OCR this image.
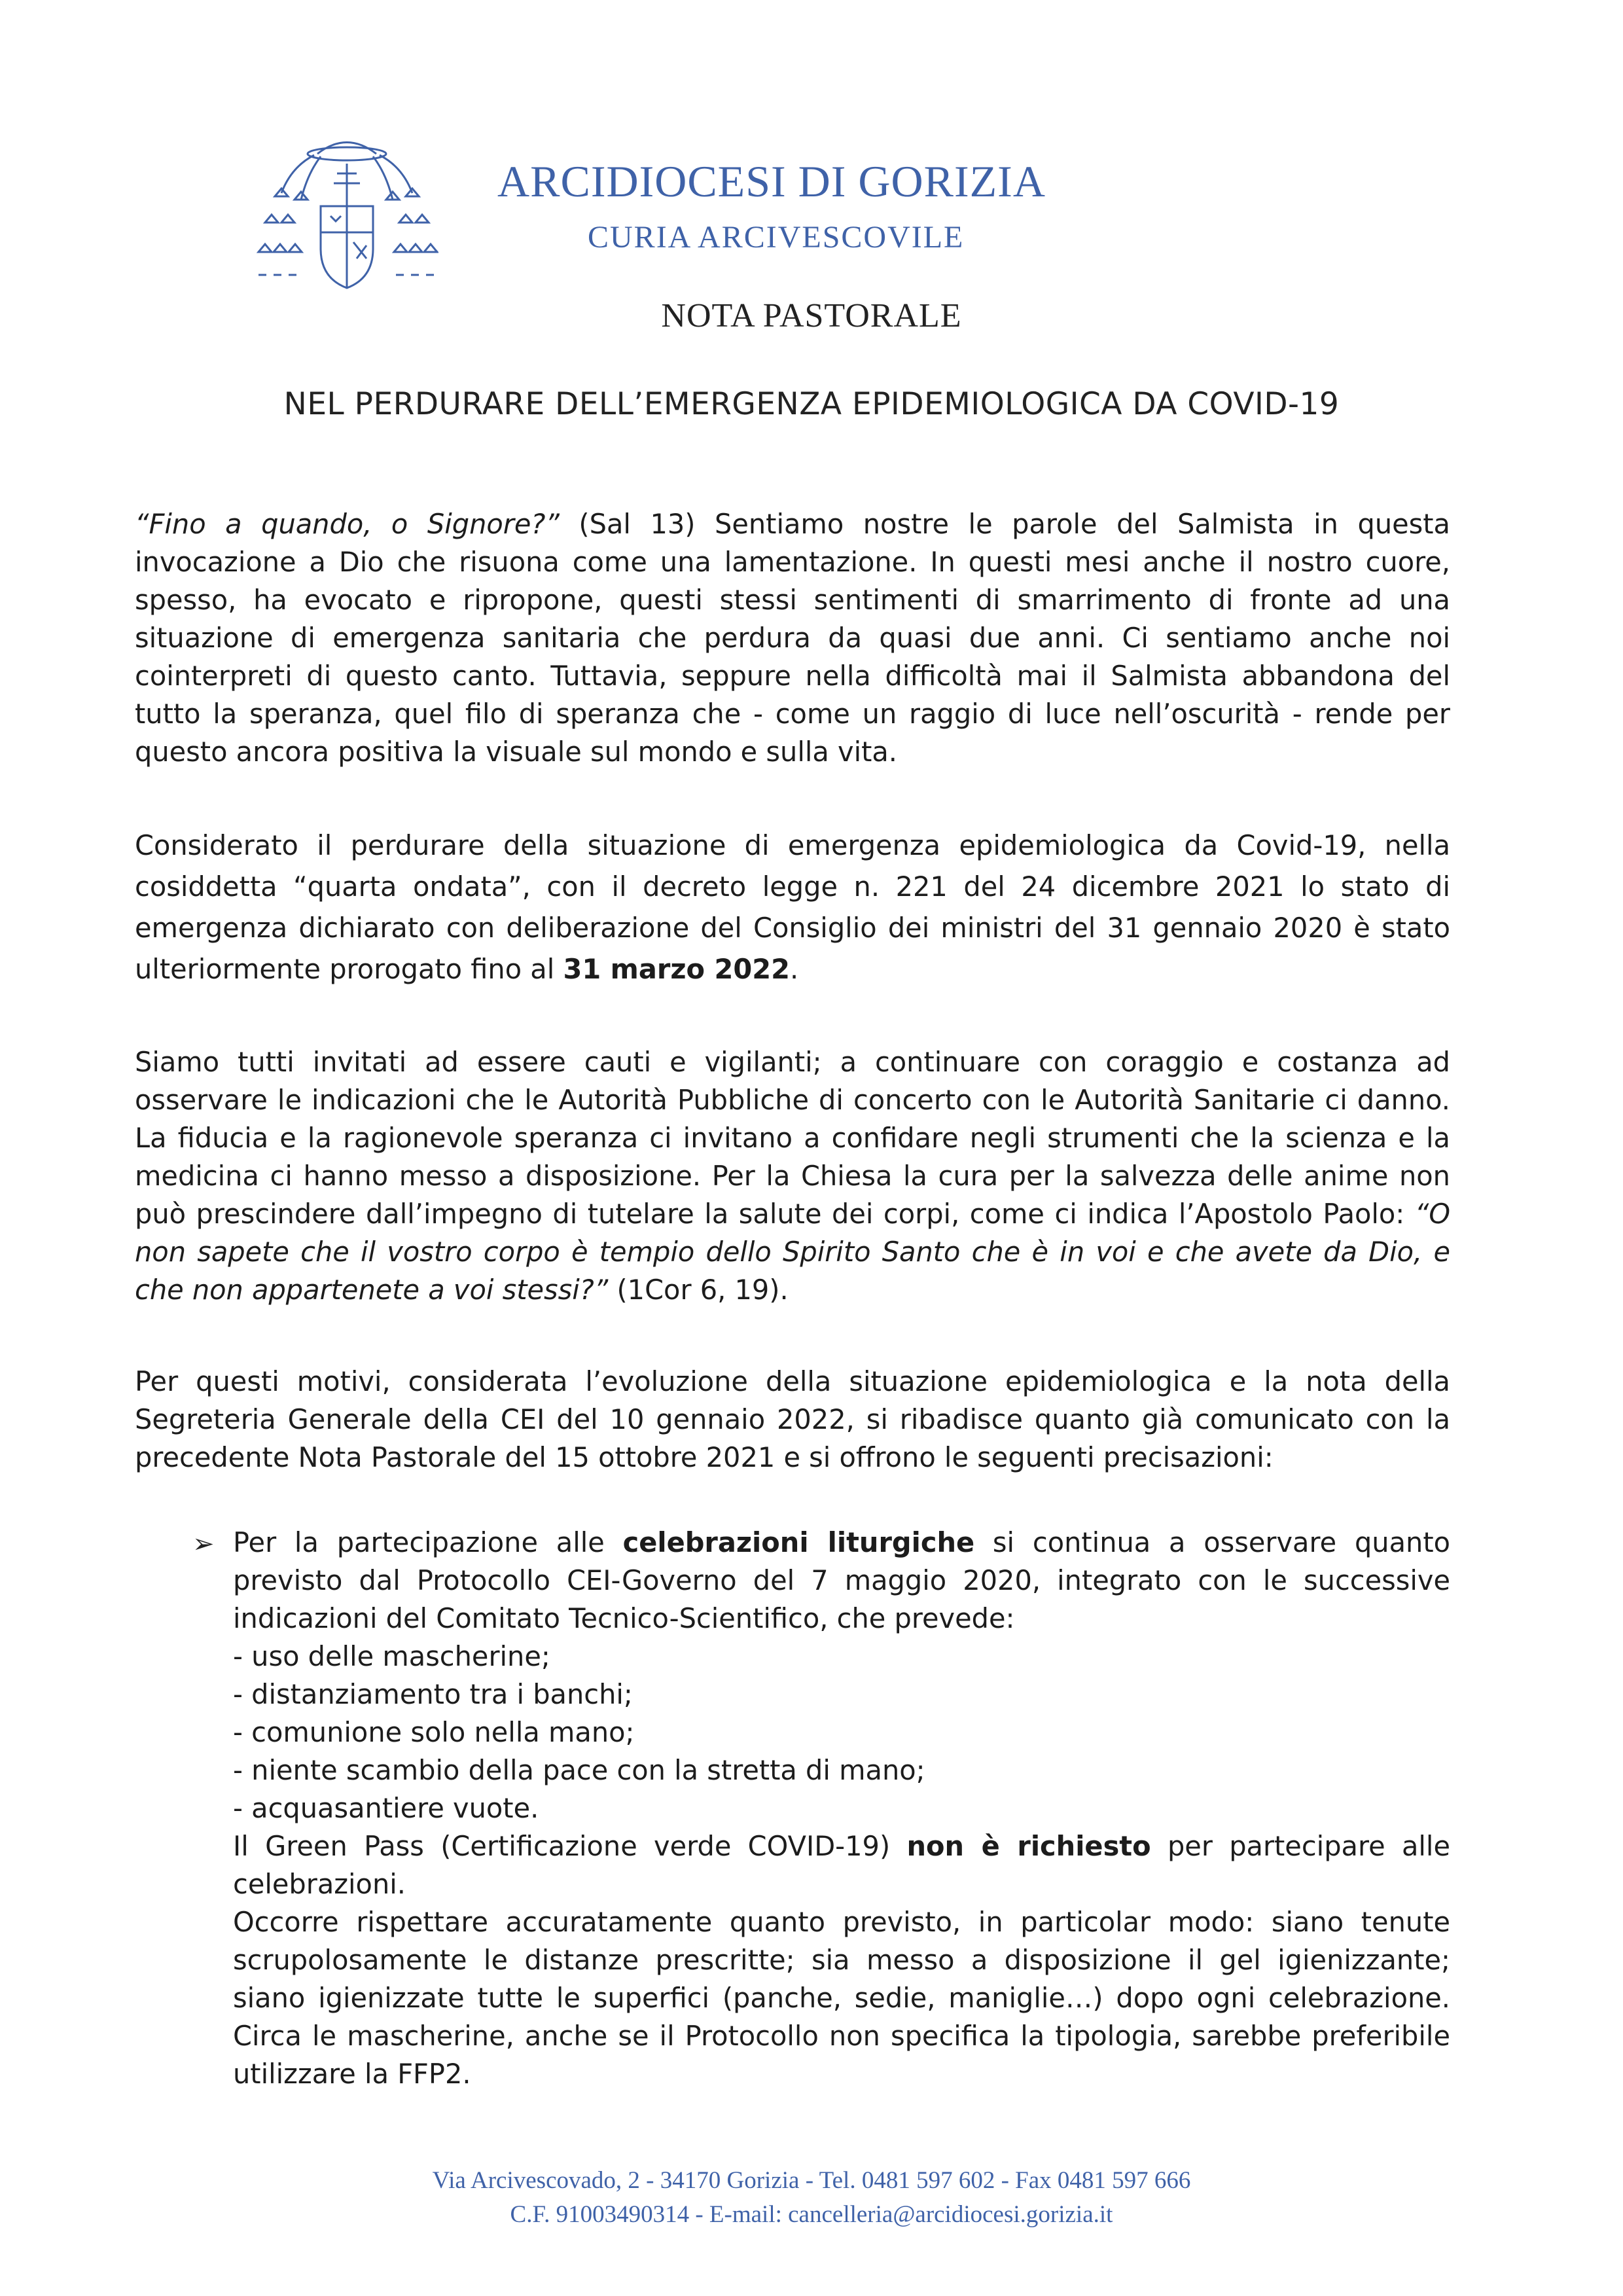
ARCIDIOCESI DI GORIZIA
CURIA ARCIVESCOVILE
NOTA PASTORALE
NEL PERDURARE DELL’EMERGENZA EPIDEMIOLOGICA DA COVID-19

“Fino a quando, o Signore?” (Sal 13) Sentiamo nostre le parole del Salmista in questa invocazione a Dio che risuona come una lamentazione. In questi mesi anche il nostro cuore, spesso, ha evocato e ripropone, questi stessi sentimenti di smarrimento di fronte ad una situazione di emergenza sanitaria che perdura da quasi due anni. Ci sentiamo anche noi cointerpreti di questo canto. Tuttavia, seppure nella difficoltà mai il Salmista abbandona del tutto la speranza, quel filo di speranza che - come un raggio di luce nell’oscurità - rende per questo ancora positiva la visuale sul mondo e sulla vita.

Considerato il perdurare della situazione di emergenza epidemiologica da Covid-19, nella cosiddetta “quarta ondata”, con il decreto legge n. 221 del 24 dicembre 2021 lo stato di emergenza dichiarato con deliberazione del Consiglio dei ministri del 31 gennaio 2020 è stato ulteriormente prorogato fino al 31 marzo 2022.

Siamo tutti invitati ad essere cauti e vigilanti; a continuare con coraggio e costanza ad osservare le indicazioni che le Autorità Pubbliche di concerto con le Autorità Sanitarie ci danno. La fiducia e la ragionevole speranza ci invitano a confidare negli strumenti che la scienza e la medicina ci hanno messo a disposizione. Per la Chiesa la cura per la salvezza delle anime non può prescindere dall’impegno di tutelare la salute dei corpi, come ci indica l’Apostolo Paolo: “O non sapete che il vostro corpo è tempio dello Spirito Santo che è in voi e che avete da Dio, e che non appartenete a voi stessi?” (1Cor 6, 19).

Per questi motivi, considerata l’evoluzione della situazione epidemiologica e la nota della Segreteria Generale della CEI del 10 gennaio 2022, si ribadisce quanto già comunicato con la precedente Nota Pastorale del 15 ottobre 2021 e si offrono le seguenti precisazioni:

➢ Per la partecipazione alle celebrazioni liturgiche si continua a osservare quanto previsto dal Protocollo CEI-Governo del 7 maggio 2020, integrato con le successive indicazioni del Comitato Tecnico-Scientifico, che prevede:
- uso delle mascherine;
- distanziamento tra i banchi;
- comunione solo nella mano;
- niente scambio della pace con la stretta di mano;
- acquasantiere vuote.
Il Green Pass (Certificazione verde COVID-19) non è richiesto per partecipare alle celebrazioni.
Occorre rispettare accuratamente quanto previsto, in particolar modo: siano tenute scrupolosamente le distanze prescritte; sia messo a disposizione il gel igienizzante; siano igienizzate tutte le superfici (panche, sedie, maniglie…) dopo ogni celebrazione. Circa le mascherine, anche se il Protocollo non specifica la tipologia, sarebbe preferibile utilizzare la FFP2.
Via Arcivescovado, 2 - 34170 Gorizia - Tel. 0481 597 602 - Fax 0481 597 666
C.F. 91003490314 - E-mail: cancelleria@arcidiocesi.gorizia.it
